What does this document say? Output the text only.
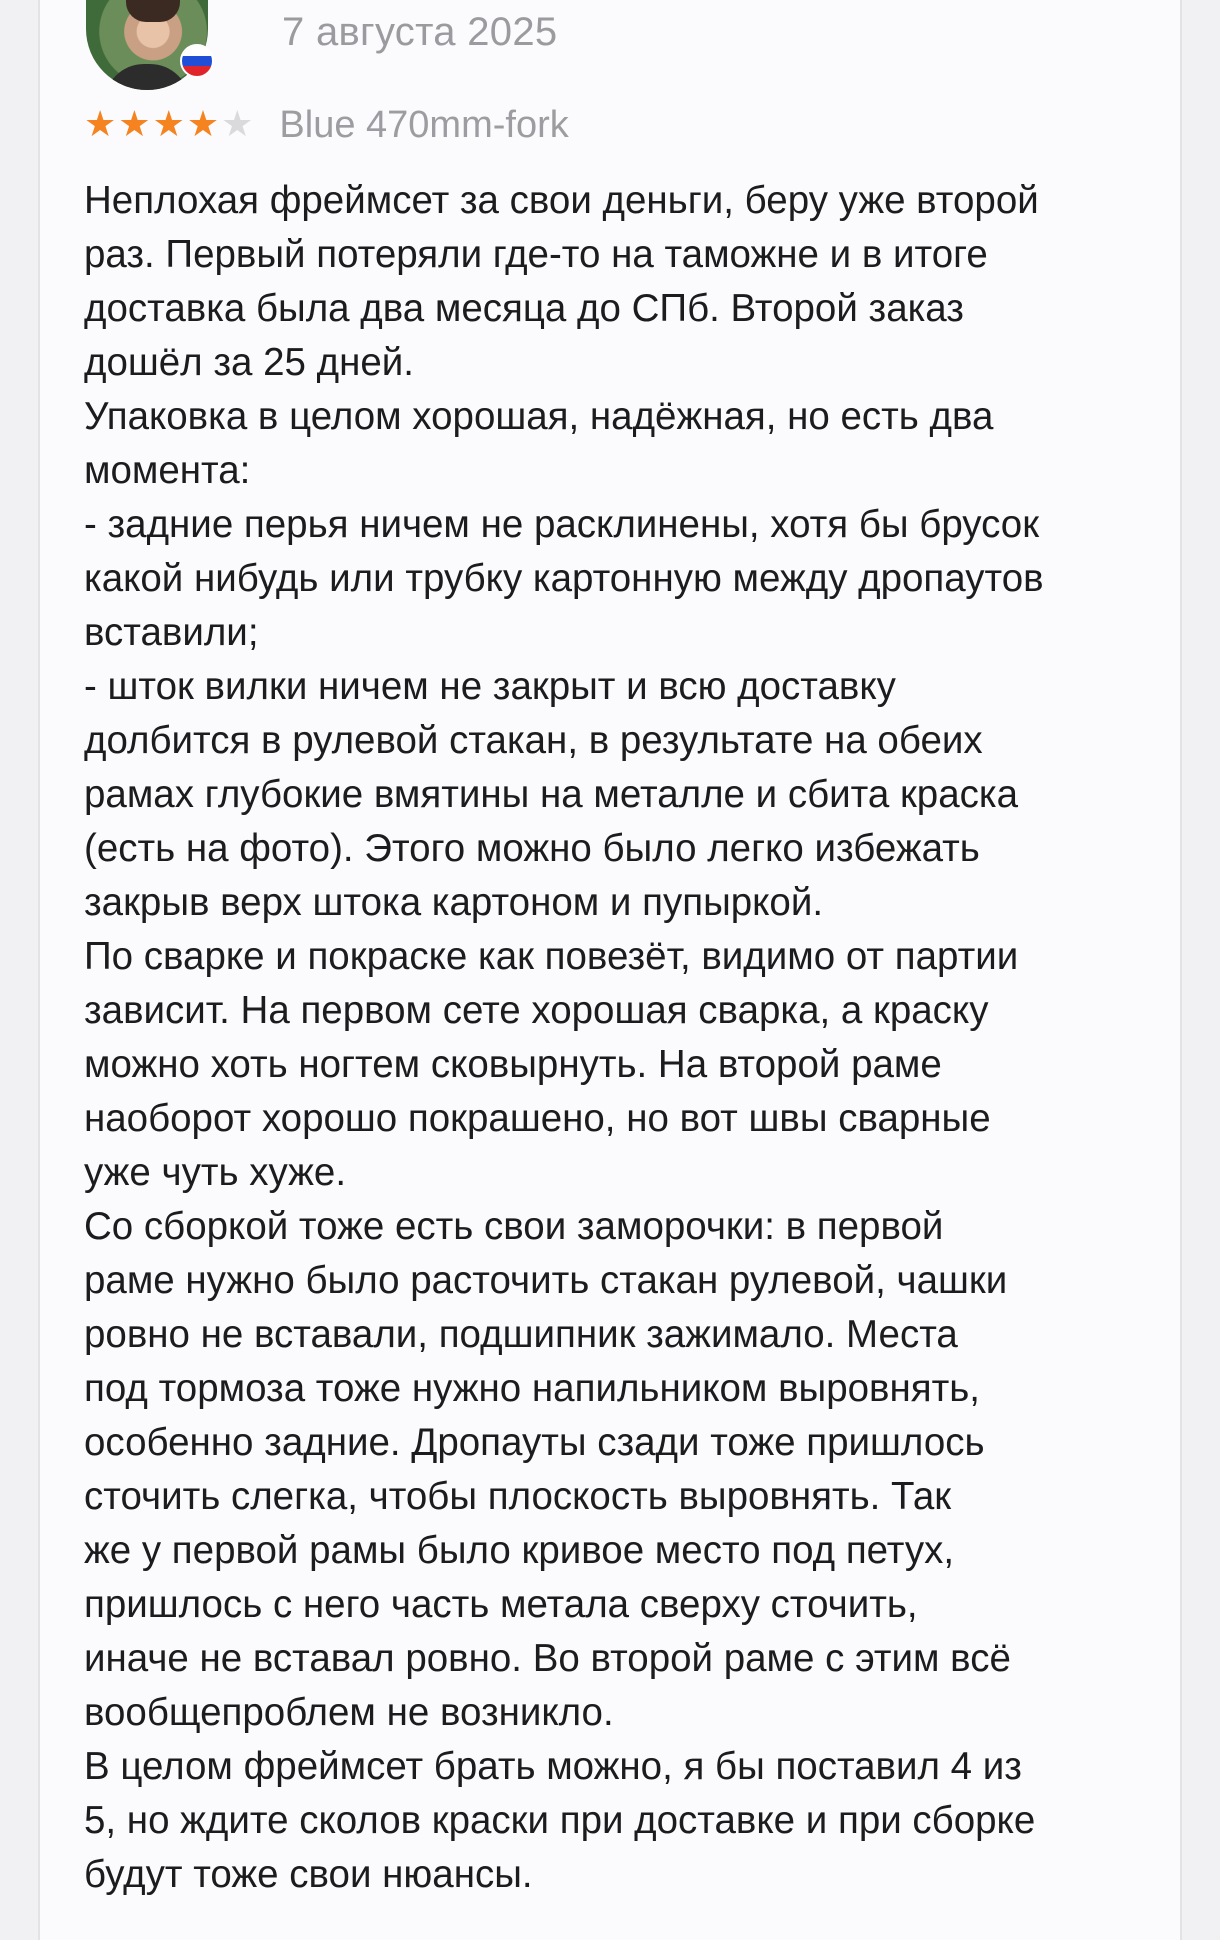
7 августа 2025
★ ★ ★ ★ ★ Blue 470mm-fork

Неплохая фреймсет за свои деньги, беру уже второй

раз. Первый потеряли где-то на таможне и в итоге

доставка была два месяца до СПб. Второй заказ

дошёл за 25 дней.

Упаковка в целом хорошая, надёжная, но есть два

момента:

- задние перья ничем не расклинены, хотя бы брусок

какой нибудь или трубку картонную между дропаутов

вставили;

- шток вилки ничем не закрыт и всю доставку

долбится в рулевой стакан, в результате на обеих

рамах глубокие вмятины на металле и сбита краска

(есть на фото). Этого можно было легко избежать

закрыв верх штока картоном и пупыркой.

По сварке и покраске как повезёт, видимо от партии

зависит. На первом сете хорошая сварка, а краску

можно хоть ногтем сковырнуть. На второй раме

наоборот хорошо покрашено, но вот швы сварные

уже чуть хуже.

Со сборкой тоже есть свои заморочки: в первой

раме нужно было расточить стакан рулевой, чашки

ровно не вставали, подшипник зажимало. Места

под тормоза тоже нужно напильником выровнять,

особенно задние. Дропауты сзади тоже пришлось

сточить слегка, чтобы плоскость выровнять. Так

же у первой рамы было кривое место под петух,

пришлось с него часть метала сверху сточить,

иначе не вставал ровно. Во второй раме с этим всё

вообщепроблем не возникло.

В целом фреймсет брать можно, я бы поставил 4 из

5, но ждите сколов краски при доставке и при сборке

будут тоже свои нюансы.
